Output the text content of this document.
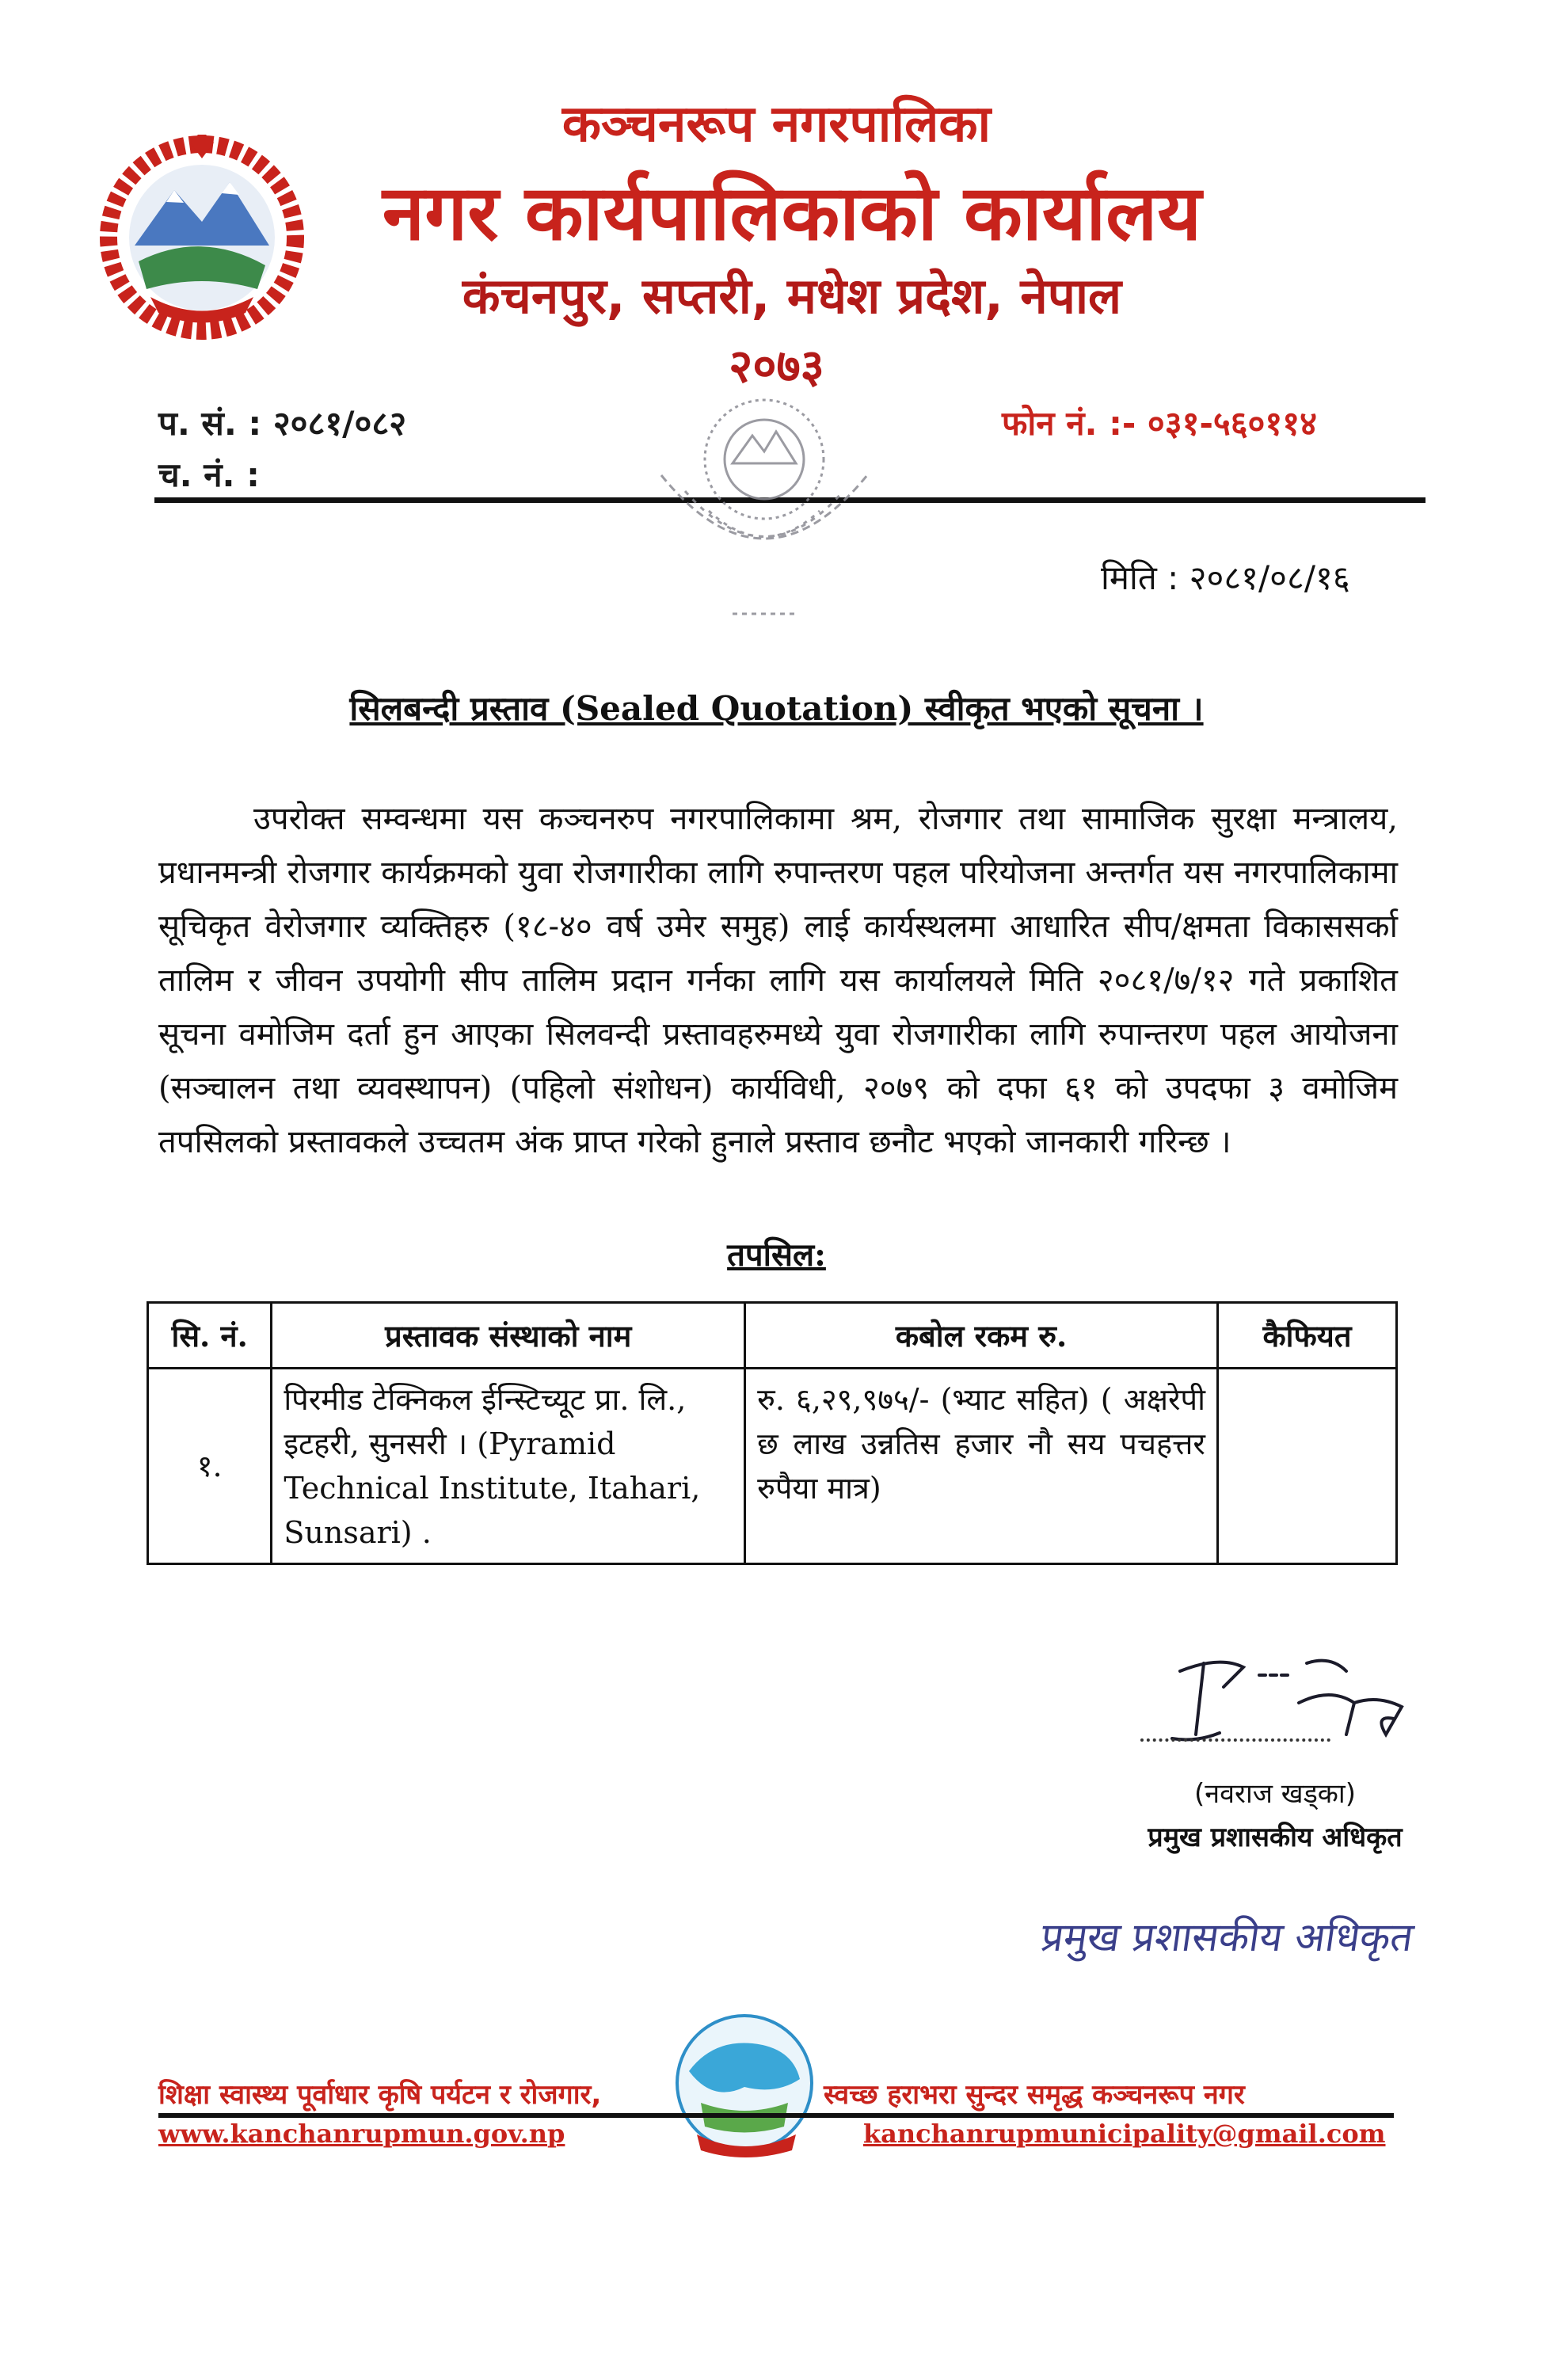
कञ्चनरूप नगरपालिका
नगर कार्यपालिकाको कार्यालय
कंचनपुर, सप्तरी, मधेश प्रदेश, नेपाल
२०७३
प. सं. : २०८१/०८२
च. नं. :
फोन नं. :- ०३१-५६०११४
मिति : २०८१/०८/१६
सिलबन्दी प्रस्ताव (Sealed Quotation) स्वीकृत भएको सूचना ।
उपरोक्त सम्वन्धमा यस कञ्चनरुप नगरपालिकामा श्रम, रोजगार तथा सामाजिक सुरक्षा मन्त्रालय, प्रधानमन्त्री रोजगार कार्यक्रमको युवा रोजगारीका लागि रुपान्तरण पहल परियोजना अन्तर्गत यस नगरपालिकामा सूचिकृत वेरोजगार व्यक्तिहरु (१८-४० वर्ष उमेर समुह) लाई कार्यस्थलमा आधारित सीप/क्षमता विकाससर्का तालिम र जीवन उपयोगी सीप तालिम प्रदान गर्नका लागि यस कार्यालयले मिति २०८१/७/१२ गते प्रकाशित सूचना वमोजिम दर्ता हुन आएका सिलवन्दी प्रस्तावहरुमध्ये युवा रोजगारीका लागि रुपान्तरण पहल आयोजना (सञ्चालन तथा व्यवस्थापन) (पहिलो संशोधन) कार्यविधी, २०७९ को दफा ६१ को उपदफा ३ वमोजिम तपसिलको प्रस्तावकले उच्चतम अंक प्राप्त गरेको हुनाले प्रस्ताव छनौट भएको जानकारी गरिन्छ ।
तपसिल:
सि. नं.	प्रस्तावक संस्थाको नाम	कबोल रकम रु.	कैफियत
१.	पिरमीड टेक्निकल ईन्स्टिच्यूट प्रा. लि., इटहरी, सुनसरी । (Pyramid Technical Institute, Itahari, Sunsari) .	रु. ६,२९,९७५/- (भ्याट सहित) ( अक्षरेपी छ लाख उन्नतिस हजार नौ सय पचहत्तर रुपैया मात्र)	
(नवराज खड्का)
प्रमुख प्रशासकीय अधिकृत
प्रमुख प्रशासकीय अधिकृत
शिक्षा स्वास्थ्य पूर्वाधार कृषि पर्यटन र रोजगार,	स्वच्छ हराभरा सुन्दर समृद्ध कञ्चनरूप नगर
www.kanchanrupmun.gov.np	kanchanrupmunicipality@gmail.com
